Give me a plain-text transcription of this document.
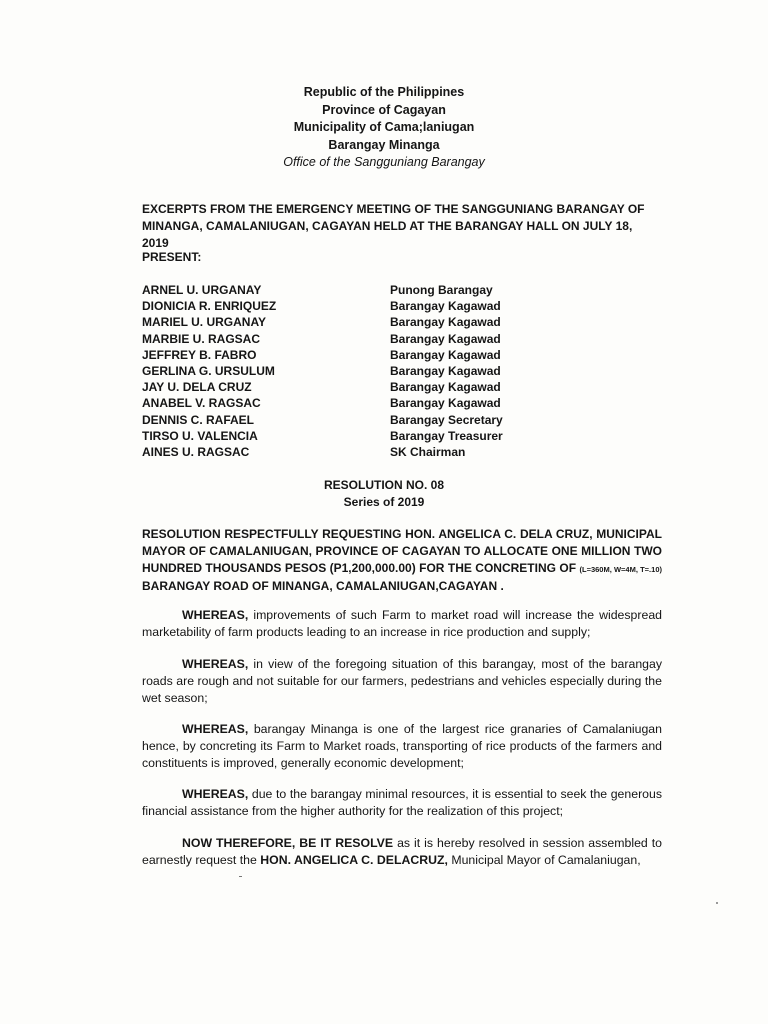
Republic of the Philippines
Province of Cagayan
Municipality of Cama;laniugan
Barangay Minanga
Office of the Sangguniang Barangay
EXCERPTS FROM THE EMERGENCY MEETING OF THE SANGGUNIANG BARANGAY OF MINANGA, CAMALANIUGAN, CAGAYAN HELD AT THE BARANGAY HALL ON JULY 18, 2019
PRESENT:
ARNEL U. URGANAY	Punong Barangay
DIONICIA R. ENRIQUEZ	Barangay Kagawad
MARIEL U. URGANAY	Barangay Kagawad
MARBIE U. RAGSAC	Barangay Kagawad
JEFFREY B. FABRO	Barangay Kagawad
GERLINA G. URSULUM	Barangay Kagawad
JAY U. DELA CRUZ	Barangay Kagawad
ANABEL V. RAGSAC	Barangay Kagawad
DENNIS C. RAFAEL	Barangay Secretary
TIRSO U. VALENCIA	Barangay Treasurer
AINES U. RAGSAC	SK Chairman
RESOLUTION NO. 08
Series of 2019
RESOLUTION RESPECTFULLY REQUESTING HON. ANGELICA C. DELA CRUZ, MUNICIPAL MAYOR OF CAMALANIUGAN, PROVINCE OF CAGAYAN TO ALLOCATE ONE MILLION TWO HUNDRED THOUSANDS PESOS (P1,200,000.00) FOR THE CONCRETING OF (L=360M, W=4M, T=.10) BARANGAY ROAD OF MINANGA, CAMALANIUGAN,CAGAYAN .
WHEREAS, improvements of such Farm to market road will increase the widespread marketability of farm products leading to an increase in rice production and supply;
WHEREAS, in view of the foregoing situation of this barangay, most of the barangay roads are rough and not suitable for our farmers, pedestrians and vehicles especially during the wet season;
WHEREAS, barangay Minanga is one of the largest rice granaries of Camalaniugan hence, by concreting its Farm to Market roads, transporting of rice products of the farmers and constituents is improved, generally economic development;
WHEREAS, due to the barangay minimal resources, it is essential to seek the generous financial assistance from the higher authority for the realization of this project;
NOW THEREFORE, BE IT RESOLVE as it is hereby resolved in session assembled to earnestly request the HON. ANGELICA C. DELACRUZ, Municipal Mayor of Camalaniugan,
